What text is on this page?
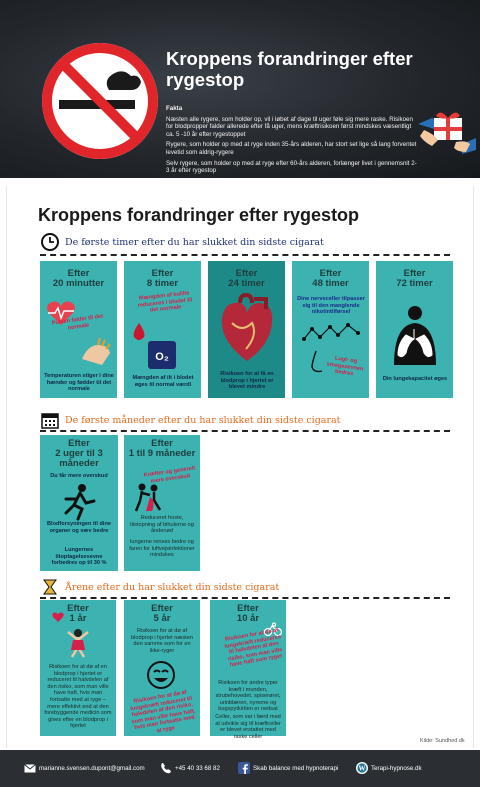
Kroppens forandringer efter rygestop

Fakta

Næsten alle rygere, som holder op, vil i løbet af dage til uger føle sig mere raske. Risikoen for blodpropper falder allerede efter få uger, mens kræftrisikoen først mindskes væsentligt ca. 5 -10 år efter rygestoppet

Rygere, som holder op med at ryge inden 35-års alderen, har stort set lige så lang forventet levetid som aldrig-rygere

Selv rygere, som holder op med at ryge efter 60-års alderen, forlænger livet i gennemsnit 2-3 år efter rygestop

Kroppens forandringer efter rygestop
De første timer efter du har slukket din sidste cigarat
Efter
20 minutter
Pulsen falder til det normale
Temperaturen stiger i dine hænder og fødder til det normale
Efter
8 timer
Mængden af kuliltе reduceres i blodet til det normale
O₂
Mængden af ilt i blodet øges til normal værdi
Efter
24 timer
Risikoen for at få en blodprop i hjertet er blevet mindre
Efter
48 timer
Dine nerveceller tilpasser sig til den manglende nikotintilførsel
Lugt- og smagesevnen bedres
Efter
72 timer
Din lungekapacitet øges
De første måneder efter du har slukket din sidste cigarat
Efter
2 uger til 3 måneder
Du får mere overskud
Blodforsyningen til dine organer og væv bedre
Lungernes iltoptagelsesevne forbedres op til 30 %
Efter
1 til 9 måneder
Kræfter og generelt mere overskud
Reduceret hoste, tilstopning af bihulerne og åndenød
lungerne renses bedre og faren for luftvejsinfektioner mindskes
Årene efter du har slukket din sidste cigarat
Efter
1 år
Risikoen for at dø af en blodprop i hjertet er reduceret til halvdelen af den risiko, som man ville have haft, hvis man fortsatte med at ryge – mere effektivt end at den forebyggende medicin som gives efter en blodprop i hjertet
Efter
5 år
Risikoen for at dø af blodprop i hjertet næsten den samme som for en ikke-ryger
Risikoen for at dø af lungekræft reduceret til halvdelen af den risiko, som man ville have haft, hvis man fortsatte med at ryge
Efter
10 år
Risikoen for at dø af lungekræft reduceres til halvdelen af den risiko, som man ville have haft som ryger
Risikoen for andre typer kræft i munden, strubehovedet, spiserøret, urinblæren, nyrerne og bugspytkirtlen er nedsat
Celler, som var i færd med at udvikle sig til kræftceller er blevet erstattet med raske celler
Kilde: Sundhed.dk
marianne.svensen.dupont@gmail.com	+45 40 33 68 82	Skab balance med hypnoterapi	W Terapi-hypnose.dk
